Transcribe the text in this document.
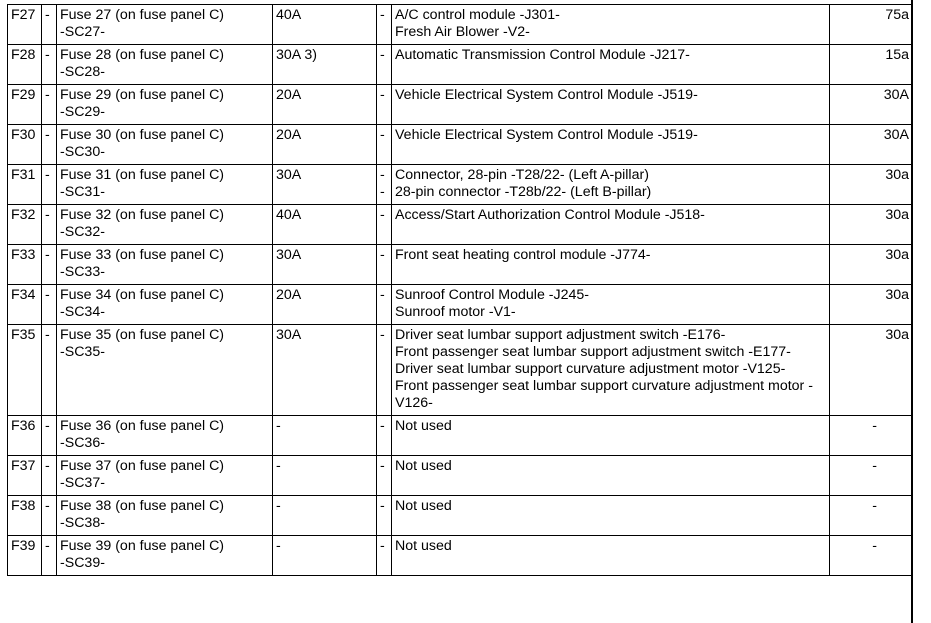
F27	-	Fuse 27 (on fuse panel C)
-SC27-	40A	-	A/C control module -J301-
Fresh Air Blower -V2-	75a
F28	-	Fuse 28 (on fuse panel C)
-SC28-	30A 3)	-	Automatic Transmission Control Module -J217-	15a
F29	-	Fuse 29 (on fuse panel C)
-SC29-	20A	-	Vehicle Electrical System Control Module -J519-	30A
F30	-	Fuse 30 (on fuse panel C)
-SC30-	20A	-	Vehicle Electrical System Control Module -J519-	30A
F31	-	Fuse 31 (on fuse panel C)
-SC31-	30A	-
-	Connector, 28-pin -T28/22- (Left A-pillar)
28-pin connector -T28b/22- (Left B-pillar)	30a
F32	-	Fuse 32 (on fuse panel C)
-SC32-	40A	-	Access/Start Authorization Control Module -J518-	30a
F33	-	Fuse 33 (on fuse panel C)
-SC33-	30A	-	Front seat heating control module -J774-	30a
F34	-	Fuse 34 (on fuse panel C)
-SC34-	20A	-	Sunroof Control Module -J245-
Sunroof motor -V1-	30a
F35	-	Fuse 35 (on fuse panel C)
-SC35-	30A	-	Driver seat lumbar support adjustment switch -E176-
Front passenger seat lumbar support adjustment switch -E177-
Driver seat lumbar support curvature adjustment motor -V125-
Front passenger seat lumbar support curvature adjustment motor -V126-	30a
F36	-	Fuse 36 (on fuse panel C)
-SC36-	-	-	Not used	-
F37	-	Fuse 37 (on fuse panel C)
-SC37-	-	-	Not used	-
F38	-	Fuse 38 (on fuse panel C)
-SC38-	-	-	Not used	-
F39	-	Fuse 39 (on fuse panel C)
-SC39-	-	-	Not used	-
